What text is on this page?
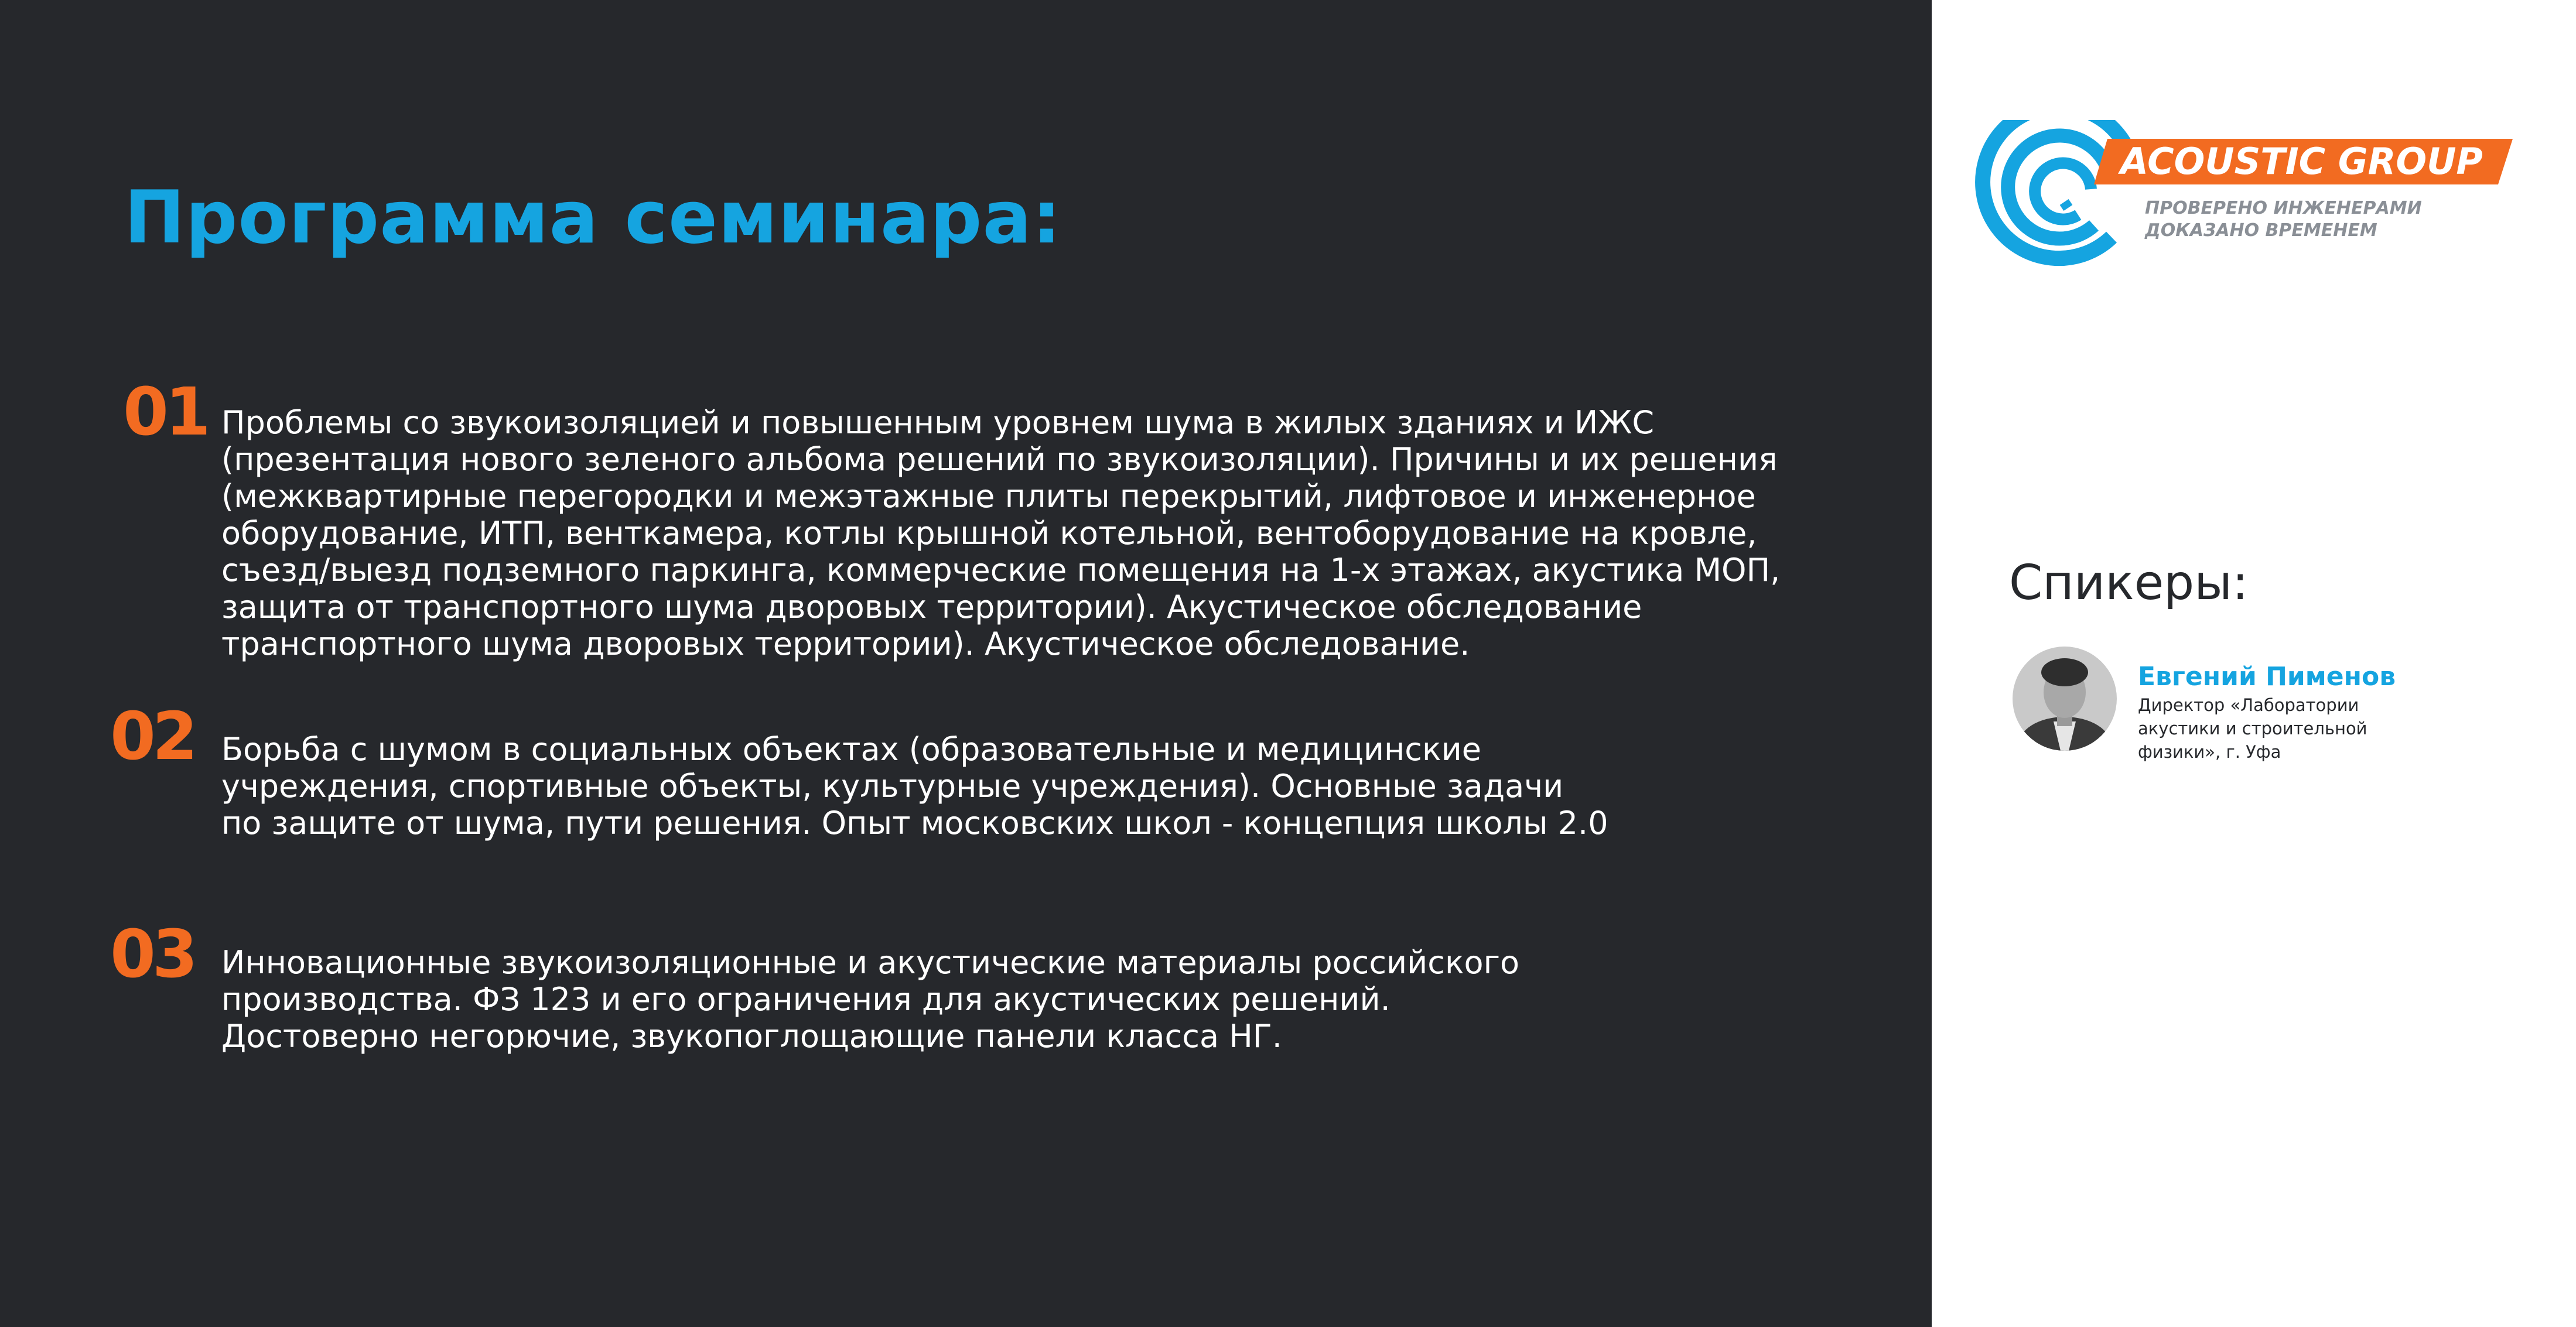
Программа семинара:
01 Проблемы со звукоизоляцией и повышенным уровнем шума в жилых зданиях и ИЖС
(презентация нового зеленого альбома решений по звукоизоляции). Причины и их решения
(межквартирные перегородки и межэтажные плиты перекрытий, лифтовое и инженерное
оборудование, ИТП, венткамера, котлы крышной котельной, вентоборудование на кровле,
съезд/выезд подземного паркинга, коммерческие помещения на 1-х этажах, акустика МОП,
защита от транспортного шума дворовых территории). Акустическое обследование
транспортного шума дворовых территории). Акустическое обследование.
02 Борьба с шумом в социальных объектах (образовательные и медицинские
учреждения, спортивные объекты, культурные учреждения). Основные задачи
по защите от шума, пути решения. Опыт московских школ - концепция школы 2.0
03 Инновационные звукоизоляционные и акустические материалы российского
производства. ФЗ 123 и его ограничения для акустических решений.
Достоверно негорючие, звукопоглощающие панели класса НГ.
ACOUSTIC GROUP
ПРОВЕРЕНО ИНЖЕНЕРАМИ
ДОКАЗАНО ВРЕМЕНЕМ
Спикеры:
Евгений Пименов
Директор «Лаборатории
акустики и строительной
физики», г. Уфа
